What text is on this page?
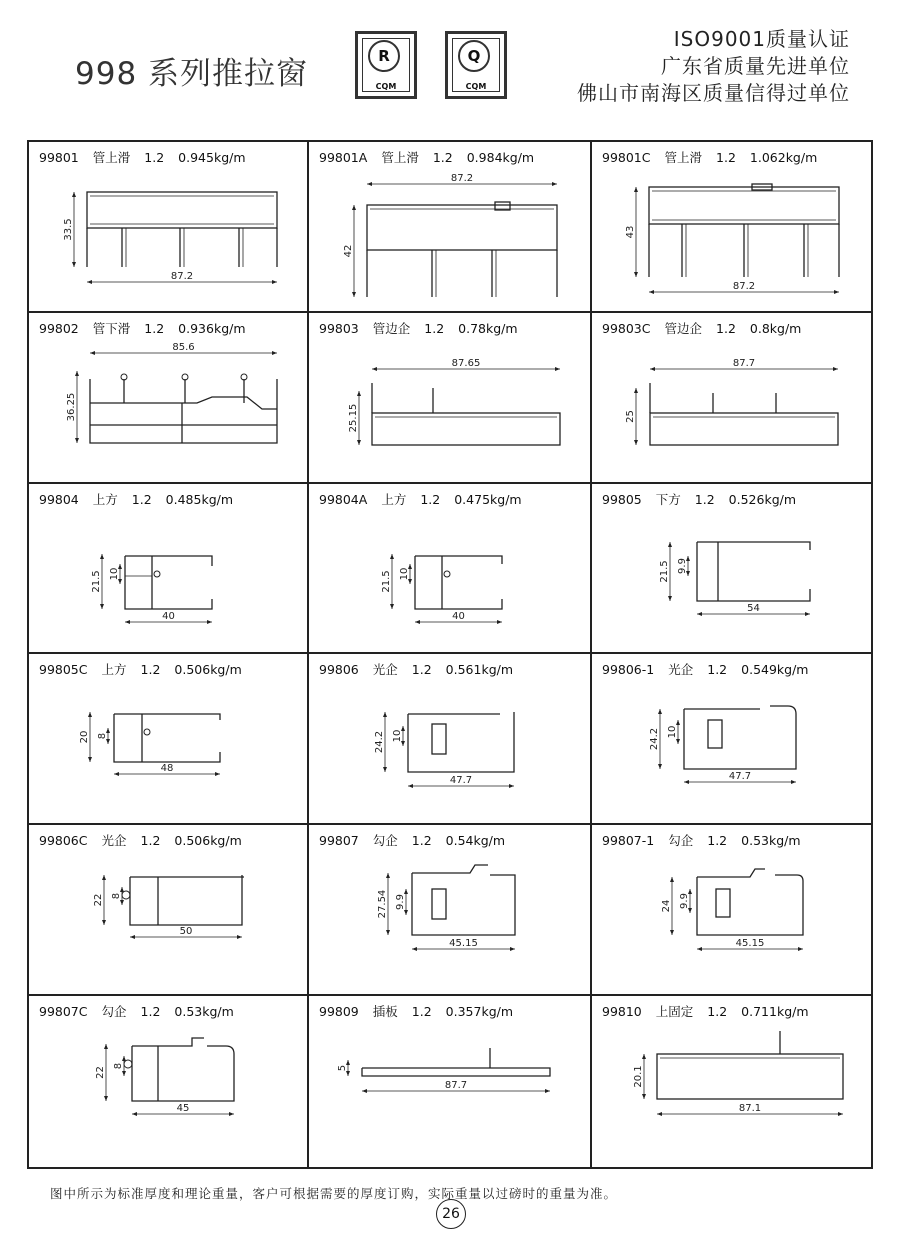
998 系列推拉窗	R
CQM
Q
CQM
ISO9001质量认证
广东省质量先进单位
佛山市南海区质量信得过单位
99801 管上滑 1.2 0.945kg/m
33.5
87.2
99801A 管上滑 1.2 0.984kg/m
42
87.2
99801C 管上滑 1.2 1.062kg/m
43
87.2
99802 管下滑 1.2 0.936kg/m
36.25
85.6
99803 管边企 1.2 0.78kg/m
25.15
87.65
99803C 管边企 1.2 0.8kg/m
25
87.7
99804 上方 1.2 0.485kg/m
21.5 10
40
99804A 上方 1.2 0.475kg/m
21.5 10
40
99805 下方 1.2 0.526kg/m
21.5 9.9
54
99805C 上方 1.2 0.506kg/m
20 8
48
99806 光企 1.2 0.561kg/m
24.2 10
47.7
99806-1 光企 1.2 0.549kg/m
24.2 10
47.7
99806C 光企 1.2 0.506kg/m
22 8
50
99807 勾企 1.2 0.54kg/m
27.54 9.9
45.15
99807-1 勾企 1.2 0.53kg/m
24 9.9
45.15
99807C 勾企 1.2 0.53kg/m
22
8
45
99809 插板 1.2 0.357kg/m
5
87.7
99810 上固定 1.2 0.711kg/m
20.1
87.1
图中所示为标准厚度和理论重量，客户可根据需要的厚度订购，实际重量以过磅时的重量为准。
26
